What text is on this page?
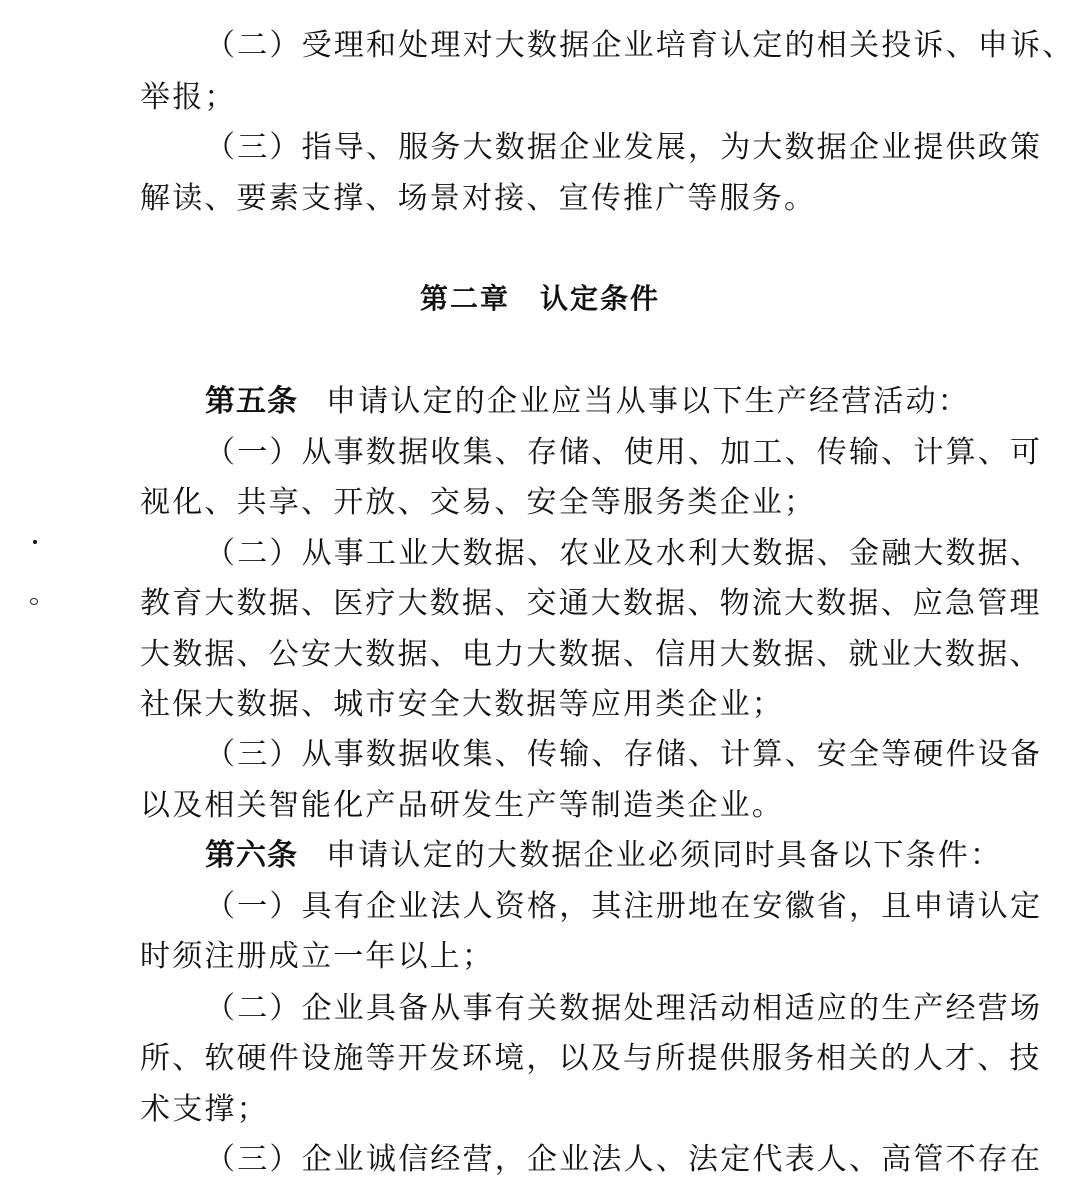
（二）受理和处理对大数据企业培育认定的相关投诉、申诉、
举报；
（三）指导、服务大数据企业发展，为大数据企业提供政策
解读、要素支撑、场景对接、宣传推广等服务。
第二章 认定条件
第五条 申请认定的企业应当从事以下生产经营活动：
（一）从事数据收集、存储、使用、加工、传输、计算、可
视化、共享、开放、交易、安全等服务类企业；
（二）从事工业大数据、农业及水利大数据、金融大数据、
教育大数据、医疗大数据、交通大数据、物流大数据、应急管理
大数据、公安大数据、电力大数据、信用大数据、就业大数据、
社保大数据、城市安全大数据等应用类企业；
（三）从事数据收集、传输、存储、计算、安全等硬件设备
以及相关智能化产品研发生产等制造类企业。
第六条 申请认定的大数据企业必须同时具备以下条件：
（一）具有企业法人资格，其注册地在安徽省，且申请认定
时须注册成立一年以上；
（二）企业具备从事有关数据处理活动相适应的生产经营场
所、软硬件设施等开发环境，以及与所提供服务相关的人才、技
术支撑；
（三）企业诚信经营，企业法人、法定代表人、高管不存在
